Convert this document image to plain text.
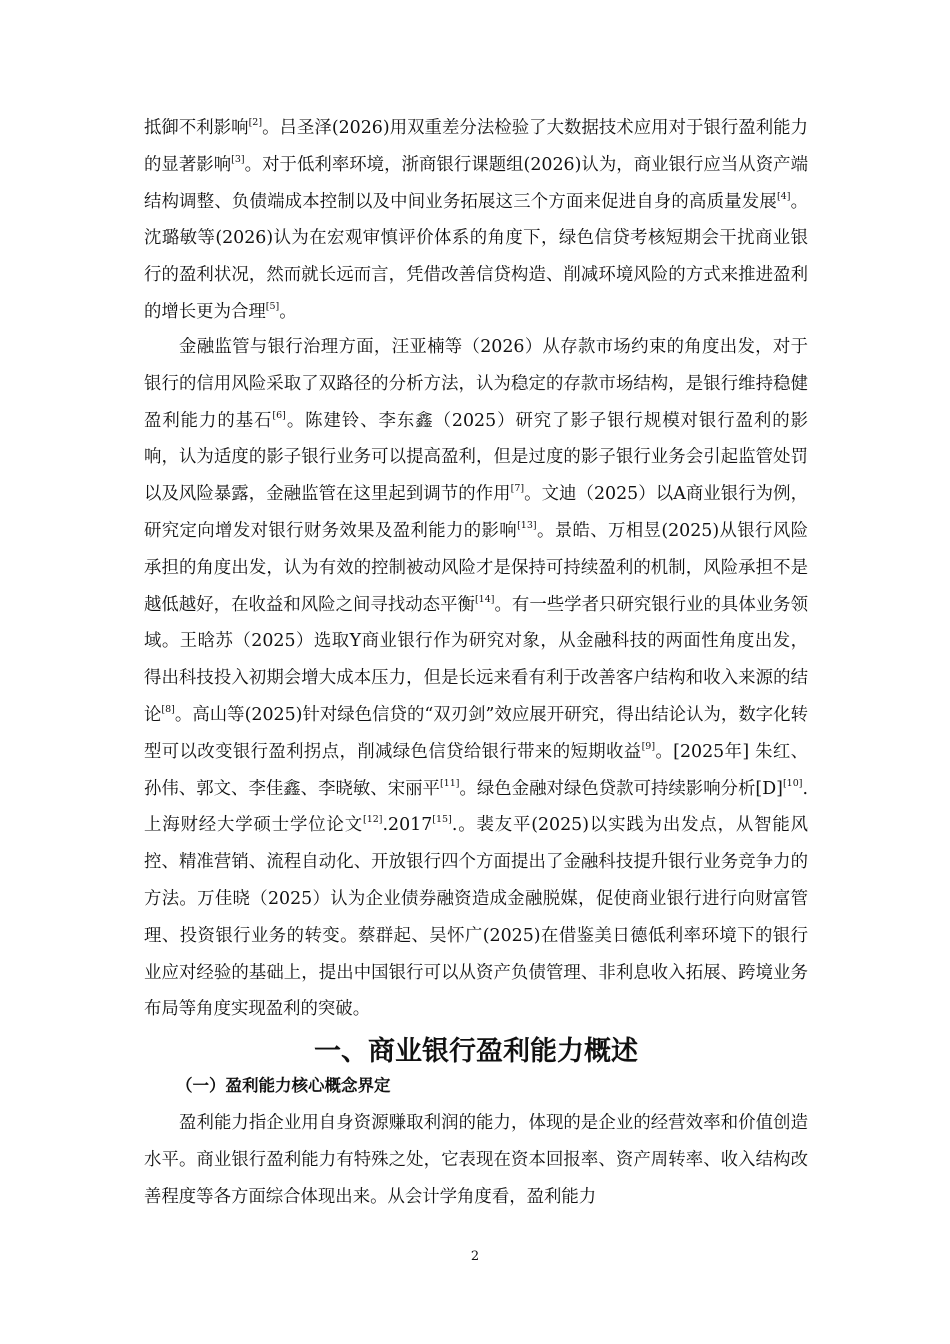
抵御不利影响[2]。吕圣泽(2026)用双重差分法检验了大数据技术应用对于银行盈利能力的显著影响[3]。对于低利率环境，浙商银行课题组(2026)认为，商业银行应当从资产端结构调整、负债端成本控制以及中间业务拓展这三个方面来促进自身的高质量发展[4]。沈璐敏等(2026)认为在宏观审慎评价体系的角度下，绿色信贷考核短期会干扰商业银行的盈利状况，然而就长远而言，凭借改善信贷构造、削减环境风险的方式来推进盈利的增长更为合理[5]。

金融监管与银行治理方面，汪亚楠等（2026）从存款市场约束的角度出发，对于银行的信用风险采取了双路径的分析方法，认为稳定的存款市场结构，是银行维持稳健盈利能力的基石[6]。陈建铃、李东鑫（2025）研究了影子银行规模对银行盈利的影响，认为适度的影子银行业务可以提高盈利，但是过度的影子银行业务会引起监管处罚以及风险暴露，金融监管在这里起到调节的作用[7]。文迪（2025）以A商业银行为例，研究定向增发对银行财务效果及盈利能力的影响[13]。景皓、万相昱(2025)从银行风险承担的角度出发，认为有效的控制被动风险才是保持可持续盈利的机制，风险承担不是越低越好，在收益和风险之间寻找动态平衡[14]。有一些学者只研究银行业的具体业务领域。王晗苏（2025）选取Y商业银行作为研究对象，从金融科技的两面性角度出发，得出科技投入初期会增大成本压力，但是长远来看有利于改善客户结构和收入来源的结论[8]。高山等(2025)针对绿色信贷的“双刃剑”效应展开研究，得出结论认为，数字化转型可以改变银行盈利拐点，削减绿色信贷给银行带来的短期收益[9]。[2025年] 朱红、孙伟、郭文、李佳鑫、李晓敏、宋丽平[11]。绿色金融对绿色贷款可持续影响分析[D][10].上海财经大学硕士学位论文[12].2017[15].。裴友平(2025)以实践为出发点，从智能风控、精准营销、流程自动化、开放银行四个方面提出了金融科技提升银行业务竞争力的方法。万佳晓（2025）认为企业债券融资造成金融脱媒，促使商业银行进行向财富管理、投资银行业务的转变。蔡群起、吴怀广(2025)在借鉴美日德低利率环境下的银行业应对经验的基础上，提出中国银行可以从资产负债管理、非利息收入拓展、跨境业务布局等角度实现盈利的突破。

一、商业银行盈利能力概述
（一）盈利能力核心概念界定

盈利能力指企业用自身资源赚取利润的能力，体现的是企业的经营效率和价值创造水平。商业银行盈利能力有特殊之处，它表现在资本回报率、资产周转率、收入结构改善程度等各方面综合体现出来。从会计学角度看，盈利能力

2
